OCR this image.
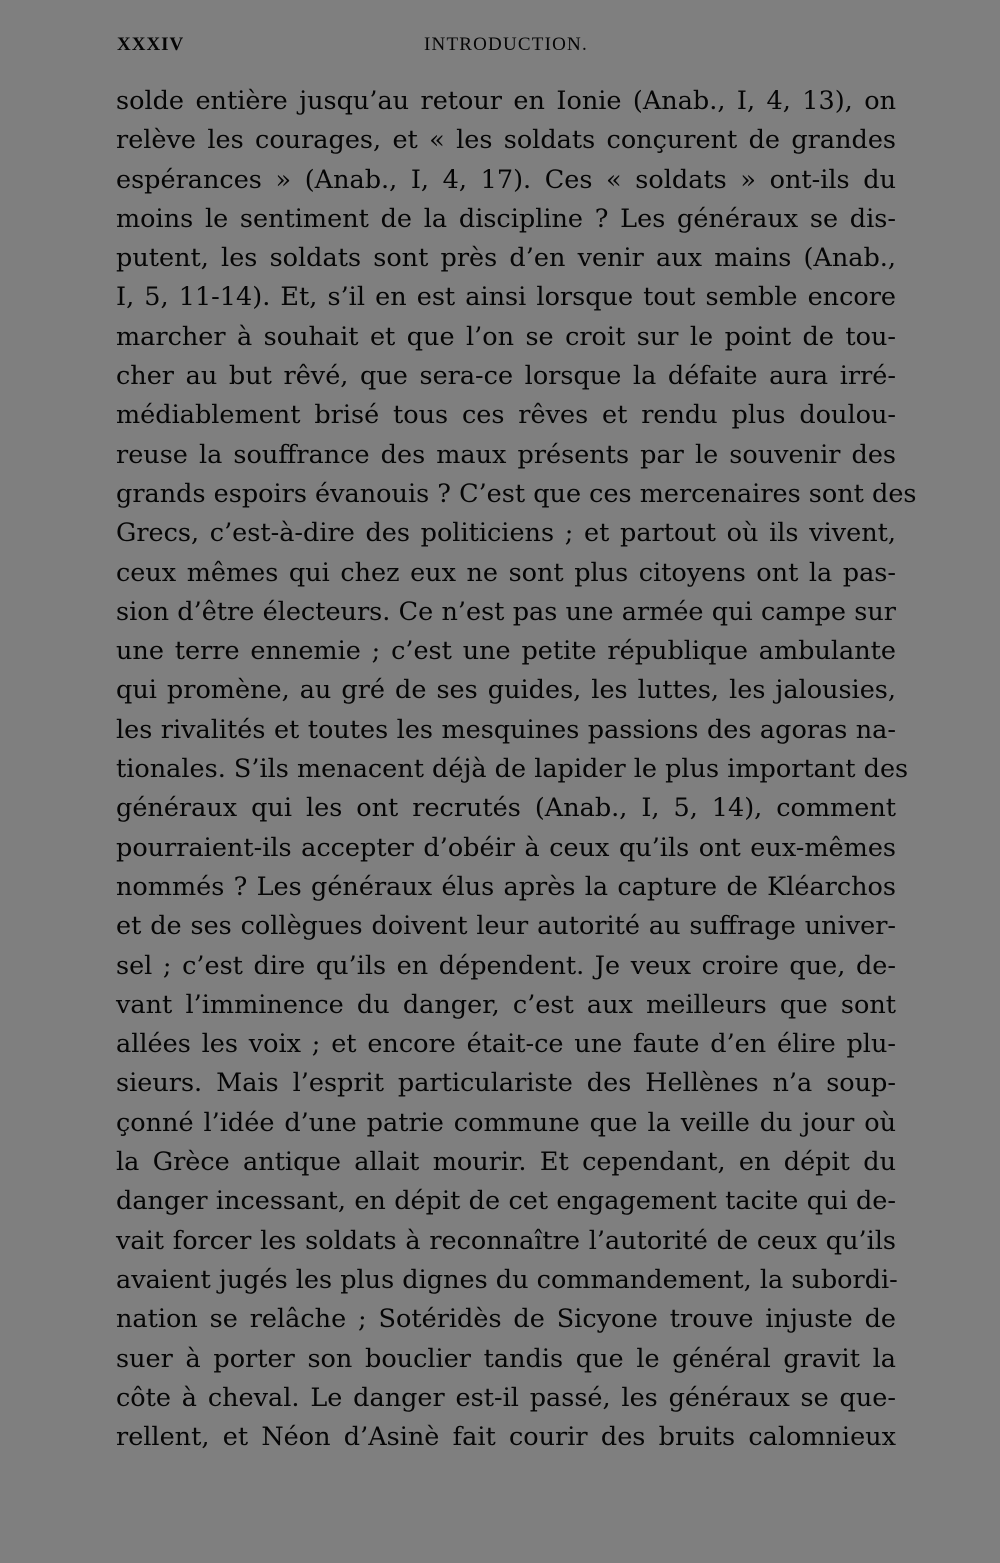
XXXIV	INTRODUCTION.
solde entière jusqu’au retour en Ionie (Anab., I, 4, 13), on
relève les courages, et « les soldats conçurent de grandes
espérances » (Anab., I, 4, 17). Ces « soldats » ont-ils du
moins le sentiment de la discipline ? Les généraux se dis-
putent, les soldats sont près d’en venir aux mains (Anab.,
I, 5, 11-14). Et, s’il en est ainsi lorsque tout semble encore
marcher à souhait et que l’on se croit sur le point de tou-
cher au but rêvé, que sera-ce lorsque la défaite aura irré-
médiablement brisé tous ces rêves et rendu plus doulou-
reuse la souffrance des maux présents par le souvenir des
grands espoirs évanouis ? C’est que ces mercenaires sont des
Grecs, c’est-à-dire des politiciens ; et partout où ils vivent,
ceux mêmes qui chez eux ne sont plus citoyens ont la pas-
sion d’être électeurs. Ce n’est pas une armée qui campe sur
une terre ennemie ; c’est une petite république ambulante
qui promène, au gré de ses guides, les luttes, les jalousies,
les rivalités et toutes les mesquines passions des agoras na-
tionales. S’ils menacent déjà de lapider le plus important des
généraux qui les ont recrutés (Anab., I, 5, 14), comment
pourraient-ils accepter d’obéir à ceux qu’ils ont eux-mêmes
nommés ? Les généraux élus après la capture de Kléarchos
et de ses collègues doivent leur autorité au suffrage univer-
sel ; c’est dire qu’ils en dépendent. Je veux croire que, de-
vant l’imminence du danger, c’est aux meilleurs que sont
allées les voix ; et encore était-ce une faute d’en élire plu-
sieurs. Mais l’esprit particulariste des Hellènes n’a soup-
çonné l’idée d’une patrie commune que la veille du jour où
la Grèce antique allait mourir. Et cependant, en dépit du
danger incessant, en dépit de cet engagement tacite qui de-
vait forcer les soldats à reconnaître l’autorité de ceux qu’ils
avaient jugés les plus dignes du commandement, la subordi-
nation se relâche ; Sotéridès de Sicyone trouve injuste de
suer à porter son bouclier tandis que le général gravit la
côte à cheval. Le danger est-il passé, les généraux se que-
rellent, et Néon d’Asinè fait courir des bruits calomnieux
